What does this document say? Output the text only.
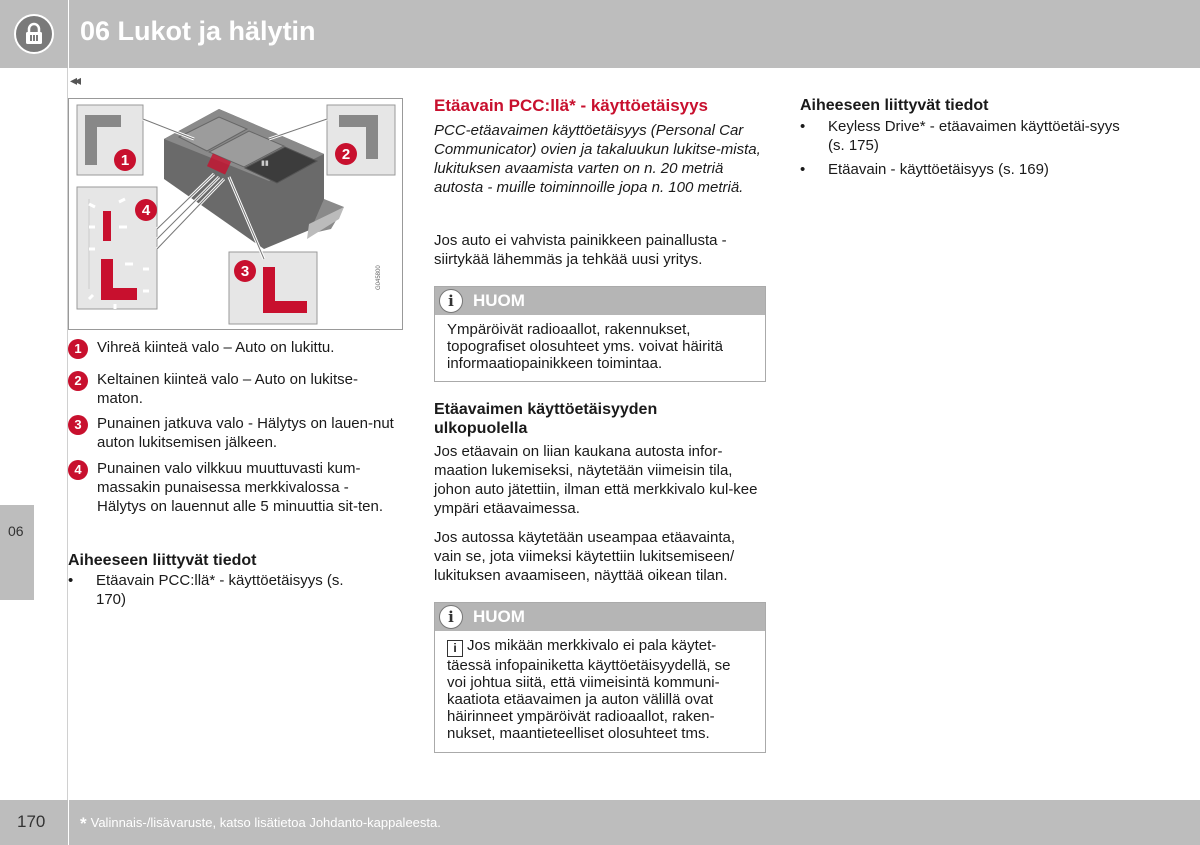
06 Lukot ja hälytin
06
◂◂
▮▮
1	2
3
4
G045800
1	Vihreä kiinteä valo – Auto on lukittu.
2	Keltainen kiinteä valo – Auto on lukitse-maton.
3	Punainen jatkuva valo - Hälytys on lauen-nut auton lukitsemisen jälkeen.
4	Punainen valo vilkkuu muuttuvasti kum-massakin punaisessa merkkivalossa - Hälytys on lauennut alle 5 minuuttia sit-ten.
Aiheeseen liittyvät tiedot
• Etäavain PCC:llä* - käyttöetäisyys (s. 170)
Etäavain PCC:llä* - käyttöetäisyys
PCC-etäavaimen käyttöetäisyys (Personal Car Communicator) ovien ja takaluukun lukitse-mista, lukituksen avaamista varten on n. 20 metriä autosta - muille toiminnoille jopa n. 100 metriä.
Jos auto ei vahvista painikkeen painallusta - siirtykää lähemmäs ja tehkää uusi yritys.
i	HUOM
Ympäröivät radioaallot, rakennukset, topografiset olosuhteet yms. voivat häiritä informaatiopainikkeen toimintaa.
Etäavaimen käyttöetäisyyden ulkopuolella
Jos etäavain on liian kaukana autosta infor-maation lukemiseksi, näytetään viimeisin tila, johon auto jätettiin, ilman että merkkivalo kul-kee ympäri etäavaimessa.
Jos autossa käytetään useampaa etäavainta, vain se, jota viimeksi käytettiin lukitsemiseen/ lukituksen avaamiseen, näyttää oikean tilan.
i	HUOM
i Jos mikään merkkivalo ei pala käytet-täessä infopainiketta käyttöetäisyydellä, se voi johtua siitä, että viimeisintä kommuni-kaatiota etäavaimen ja auton välillä ovat häirinneet ympäröivät radioaallot, raken-nukset, maantieteelliset olosuhteet tms.
Aiheeseen liittyvät tiedot
• Keyless Drive* - etäavaimen käyttöetäi-syys (s. 175)
• Etäavain - käyttöetäisyys (s. 169)
170 * Valinnais-/lisävaruste, katso lisätietoa Johdanto-kappaleesta.
